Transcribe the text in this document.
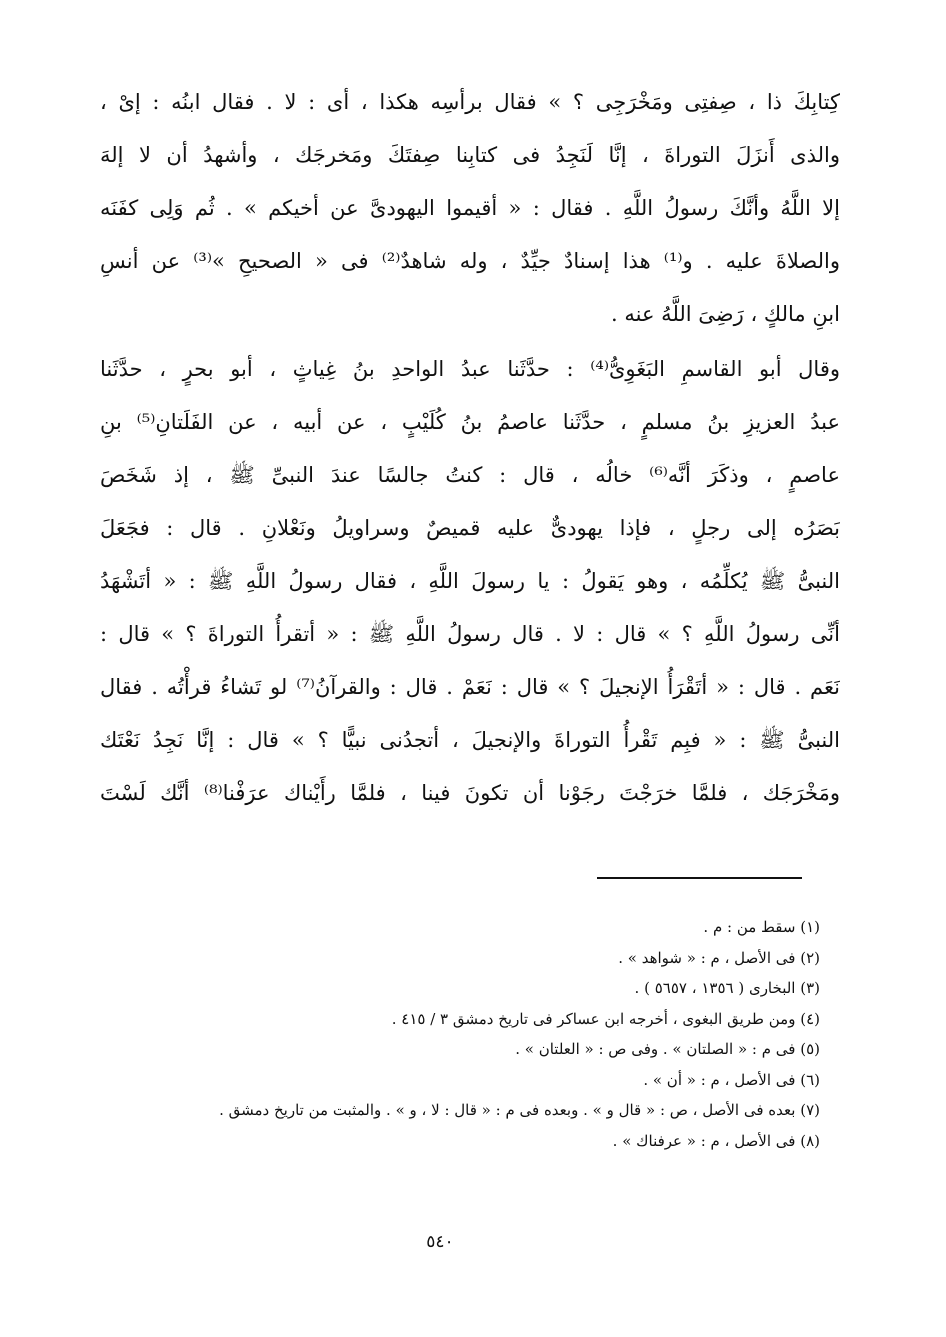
كِتابِكَ ذا ، صِفتِى ومَخْرَجِى ؟ » فقال برأسِه هكذا ، أى : لا . فقال ابنُه : إىْ ،
والذى أَنزَلَ التوراةَ ، إنَّا لَنَجِدُ فى كتابِنا صِفتَكَ ومَخرجَك ، وأشهدُ أن لا إلهَ
إلا اللَّهُ وأنَّكَ رسولُ اللَّهِ . فقال : « أقيموا اليهودىَّ عن أخيكم » . ثُم وَلِى كفَنَه
والصلاةَ عليه . و⁽¹⁾ هذا إسنادٌ جيِّدٌ ، وله شاهدٌ⁽²⁾ فى « الصحيحِ »⁽³⁾ عن أنسِ
ابنِ مالكٍ ، رَضِىَ اللَّهُ عنه .
وقال أبو القاسمِ البَغَوِىُّ⁽⁴⁾ : حدَّثَنا عبدُ الواحدِ بنُ غِياثٍ ، أبو بحرٍ ، حدَّثَنا
عبدُ العزيزِ بنُ مسلمٍ ، حدَّثَنا عاصمُ بنُ كُلَيْبٍ ، عن أبيه ، عن الفَلَتانِ⁽⁵⁾ بنِ
عاصمٍ ، وذكَرَ أنَّه⁽⁶⁾ خالُه ، قال : كنتُ جالسًا عندَ النبىِّ ﷺ ، إذ شَخَصَ
بَصَرُه إلى رجلٍ ، فإذا يهودىٌّ عليه قميصٌ وسراويلُ ونَعْلانِ . قال : فجَعَلَ
النبىُّ ﷺ يُكلِّمُه ، وهو يَقولُ : يا رسولَ اللَّهِ ، فقال رسولُ اللَّهِ ﷺ : « أتَشْهَدُ
أنِّى رسولُ اللَّهِ ؟ » قال : لا . قال رسولُ اللَّهِ ﷺ : « أتقرأُ التوراةَ ؟ » قال :
نَعَم . قال : « أتَقْرَأُ الإنجيلَ ؟ » قال : نَعَمْ . قال : والقرآنُ⁽⁷⁾ لو تَشاءُ قرأْتُه . فقال
النبىُّ ﷺ : « فبِم تَقْرأُ التوراةَ والإنجيلَ ، أتجدُنى نبيًّا ؟ » قال : إنَّا نَجِدُ نَعْتَك
ومَخْرَجَك ، فلمَّا خرَجْتَ رجَوْنا أن تكونَ فينا ، فلمَّا رأَيْناك عرَفْنا⁽⁸⁾ أنَّك لَسْتَ
(١) سقط من : م .
(٢) فى الأصل ، م : « شواهد » .
(٣) البخارى ( ١٣٥٦ ، ٥٦٥٧ ) .
(٤) ومن طريق البغوى ، أخرجه ابن عساكر فى تاريخ دمشق ٣ / ٤١٥ .
(٥) فى م : « الصلتان » . وفى ص : « العلتان » .
(٦) فى الأصل ، م : « أن » .
(٧) بعده فى الأصل ، ص : « قال و » . وبعده فى م : « قال : لا ، و » . والمثبت من تاريخ دمشق .
(٨) فى الأصل ، م : « عرفناك » .
٥٤٠
